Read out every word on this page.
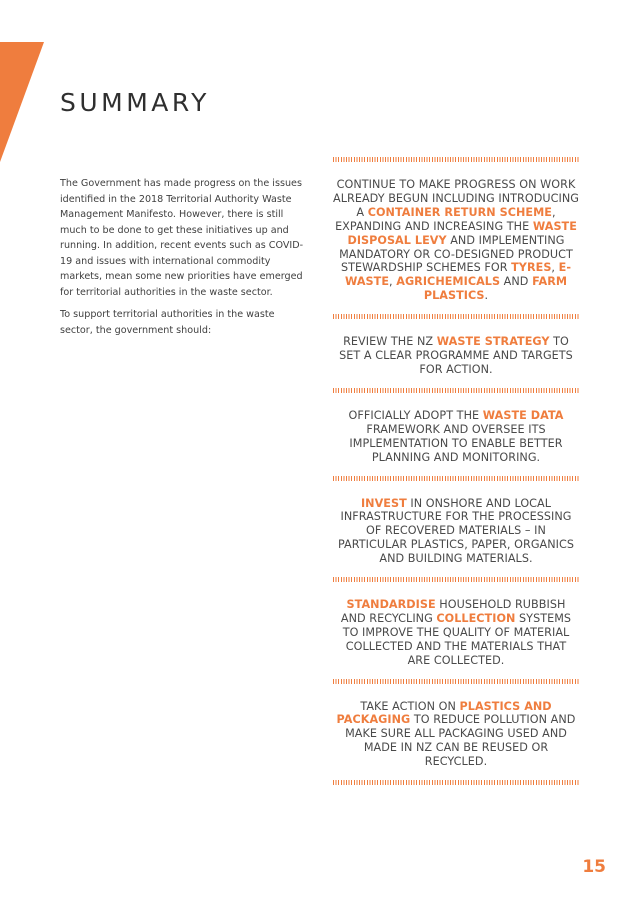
SUMMARY

The Government has made progress on the issues identified in the 2018 Territorial Authority Waste Management Manifesto. However, there is still much to be done to get these initiatives up and running. In addition, recent events such as COVID-19 and issues with international commodity markets, mean some new priorities have emerged for territorial authorities in the waste sector.

To support territorial authorities in the waste sector, the government should:

CONTINUE TO MAKE PROGRESS ON WORK ALREADY BEGUN INCLUDING INTRODUCING A CONTAINER RETURN SCHEME, EXPANDING AND INCREASING THE WASTE DISPOSAL LEVY AND IMPLEMENTING MANDATORY OR CO-DESIGNED PRODUCT STEWARDSHIP SCHEMES FOR TYRES, E-WASTE, AGRICHEMICALS AND FARM PLASTICS.
REVIEW THE NZ WASTE STRATEGY TO SET A CLEAR PROGRAMME AND TARGETS FOR ACTION.
OFFICIALLY ADOPT THE WASTE DATA FRAMEWORK AND OVERSEE ITS IMPLEMENTATION TO ENABLE BETTER PLANNING AND MONITORING.
INVEST IN ONSHORE AND LOCAL INFRASTRUCTURE FOR THE PROCESSING OF RECOVERED MATERIALS – IN PARTICULAR PLASTICS, PAPER, ORGANICS AND BUILDING MATERIALS.
STANDARDISE HOUSEHOLD RUBBISH AND RECYCLING COLLECTION SYSTEMS TO IMPROVE THE QUALITY OF MATERIAL COLLECTED AND THE MATERIALS THAT ARE COLLECTED.
TAKE ACTION ON PLASTICS AND PACKAGING TO REDUCE POLLUTION AND MAKE SURE ALL PACKAGING USED AND MADE IN NZ CAN BE REUSED OR RECYCLED.
15
